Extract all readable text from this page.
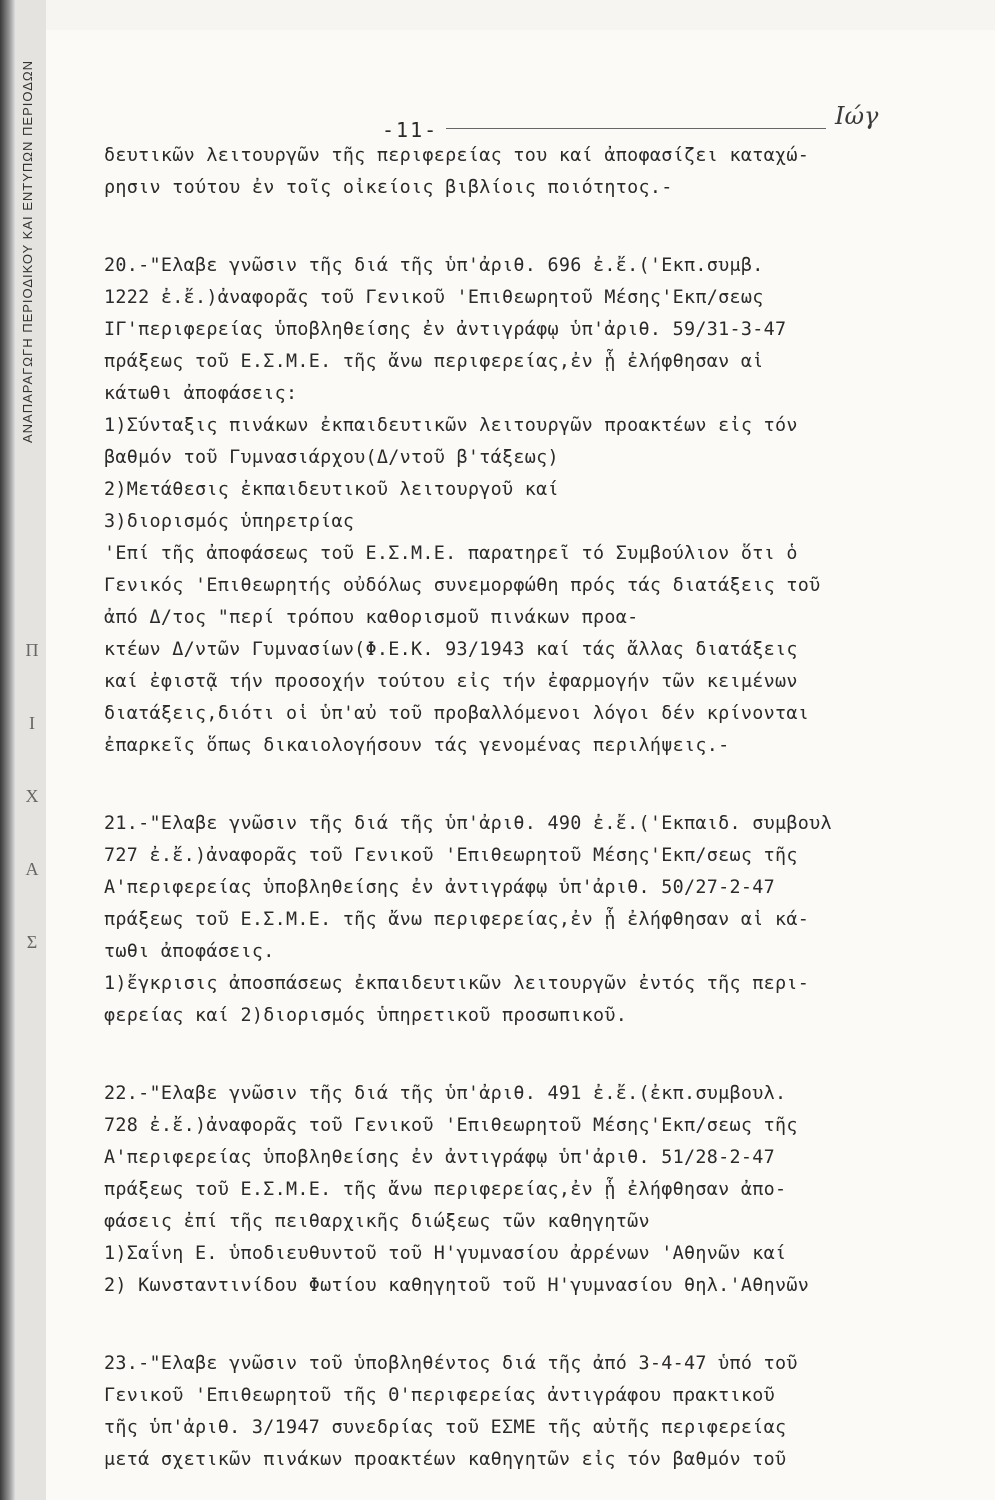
ΑΝΑΠΑΡΑΓΩΓΗ ΠΕΡΙΟΔΙΚΟΥ ΚΑΙ ΕΝΤΥΠΩΝ ΠΕΡΙΟΔΩΝ
Π
Ι
Χ
Α
Σ
-11-	Ιώγ
δευτικῶν λειτουργῶν τῆς περιφερείας του καί ἀποφασίζει καταχώ-
ρησιν τούτου ἐν τοῖς οἰκείοις βιβλίοις ποιότητος.-
20.-"Ελαβε γνῶσιν τῆς διά τῆς ὑπ'ἀριθ. 696 ἐ.ἔ.('Εκπ.συμβ.
1222 ἐ.ἔ.)ἀναφορᾶς τοῦ Γενικοῦ 'Επιθεωρητοῦ Μέσης'Εκπ/σεως
ΙΓ'περιφερείας ὑποβληθείσης ἐν ἀντιγράφῳ ὑπ'ἀριθ. 59/31-3-47
πράξεως τοῦ Ε.Σ.Μ.Ε. τῆς ἄνω περιφερείας,ἐν ᾗ ἐλήφθησαν αἱ
κάτωθι ἀποφάσεις:
1)Σύνταξις πινάκων ἐκπαιδευτικῶν λειτουργῶν προακτέων εἰς τόν
βαθμόν τοῦ Γυμνασιάρχου(Δ/ντοῦ β'τάξεως)
2)Μετάθεσις ἐκπαιδευτικοῦ λειτουργοῦ καί
3)διορισμός ὑπηρετρίας
'Επί τῆς ἀποφάσεως τοῦ Ε.Σ.Μ.Ε. παρατηρεῖ τό Συμβούλιον ὅτι ὁ
Γενικός 'Επιθεωρητής οὐδόλως συνεμορφώθη πρός τάς διατάξεις τοῦ
ἀπό Δ/τος "περί τρόπου καθορισμοῦ πινάκων προα-
κτέων Δ/ντῶν Γυμνασίων(Φ.Ε.Κ. 93/1943 καί τάς ἄλλας διατάξεις
καί ἐφιστᾷ τήν προσοχήν τούτου εἰς τήν ἐφαρμογήν τῶν κειμένων
διατάξεις,διότι οἱ ὑπ'αὐ τοῦ προβαλλόμενοι λόγοι δέν κρίνονται
ἐπαρκεῖς ὅπως δικαιολογήσουν τάς γενομένας περιλήψεις.-
21.-"Ελαβε γνῶσιν τῆς διά τῆς ὑπ'ἀριθ. 490 ἐ.ἔ.('Εκπαιδ. συμβουλ
727 ἐ.ἔ.)ἀναφορᾶς τοῦ Γενικοῦ 'Επιθεωρητοῦ Μέσης'Εκπ/σεως τῆς
Α'περιφερείας ὑποβληθείσης ἐν ἀντιγράφῳ ὑπ'ἀριθ. 50/27-2-47
πράξεως τοῦ Ε.Σ.Μ.Ε. τῆς ἄνω περιφερείας,ἐν ᾗ ἐλήφθησαν αἱ κά-
τωθι ἀποφάσεις.
1)ἔγκρισις ἀποσπάσεως ἐκπαιδευτικῶν λειτουργῶν ἐντός τῆς περι-
φερείας καί 2)διορισμός ὑπηρετικοῦ προσωπικοῦ.
22.-"Ελαβε γνῶσιν τῆς διά τῆς ὑπ'ἀριθ. 491 ἐ.ἔ.(ἐκπ.συμβουλ.
728 ἐ.ἔ.)ἀναφορᾶς τοῦ Γενικοῦ 'Επιθεωρητοῦ Μέσης'Εκπ/σεως τῆς
Α'περιφερείας ὑποβληθείσης ἐν ἀντιγράφῳ ὑπ'ἀριθ. 51/28-2-47
πράξεως τοῦ Ε.Σ.Μ.Ε. τῆς ἄνω περιφερείας,ἐν ᾗ ἐλήφθησαν ἀπο-
φάσεις ἐπί τῆς πειθαρχικῆς διώξεως τῶν καθηγητῶν
1)Σαΐνη Ε. ὑποδιευθυντοῦ τοῦ Η'γυμνασίου ἀρρένων 'Αθηνῶν καί
2) Κωνσταντινίδου Φωτίου καθηγητοῦ τοῦ Η'γυμνασίου θηλ.'Αθηνῶν
23.-"Ελαβε γνῶσιν τοῦ ὑποβληθέντος διά τῆς ἀπό 3-4-47 ὑπό τοῦ
Γενικοῦ 'Επιθεωρητοῦ τῆς Θ'περιφερείας ἀντιγράφου πρακτικοῦ
τῆς ὑπ'ἀριθ. 3/1947 συνεδρίας τοῦ ΕΣΜΕ τῆς αὐτῆς περιφερείας
μετά σχετικῶν πινάκων προακτέων καθηγητῶν εἰς τόν βαθμόν τοῦ
